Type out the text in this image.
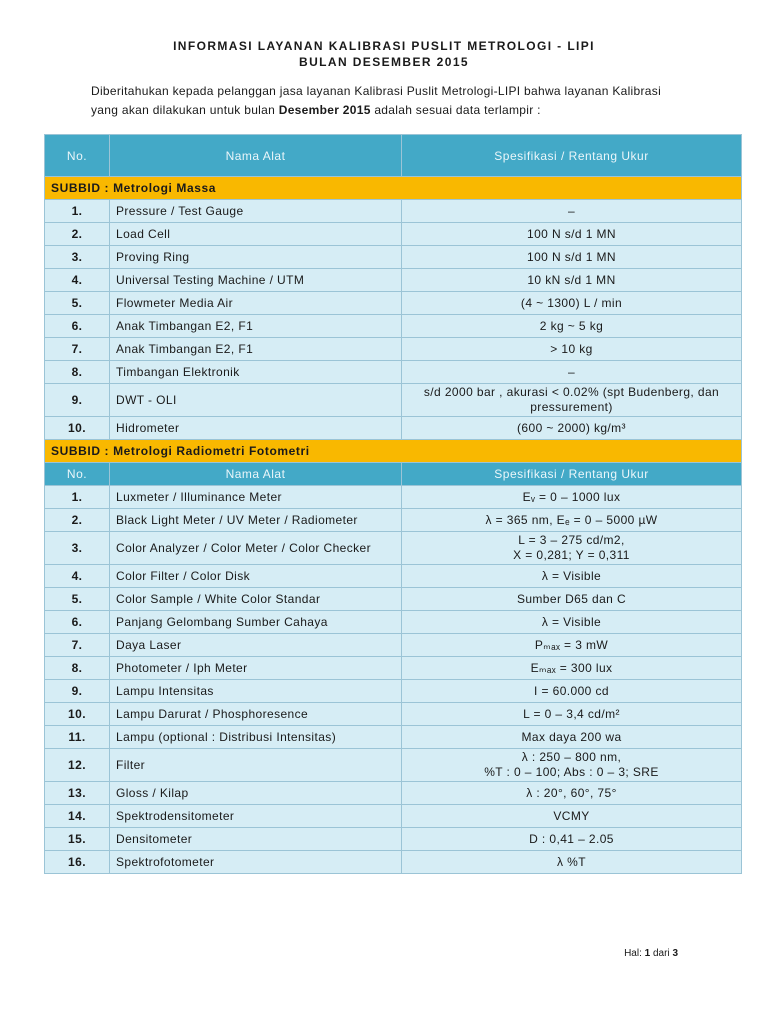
INFORMASI LAYANAN KALIBRASI PUSLIT METROLOGI - LIPI
BULAN DESEMBER 2015
Diberitahukan kepada pelanggan jasa layanan Kalibrasi Puslit Metrologi-LIPI bahwa layanan Kalibrasi yang akan dilakukan untuk bulan Desember 2015 adalah sesuai data terlampir :
No.	Nama Alat	Spesifikasi / Rentang Ukur
SUBBID : Metrologi Massa		
1.	Pressure / Test Gauge	–
2.	Load Cell	100 N s/d 1 MN
3.	Proving Ring	100 N s/d 1 MN
4.	Universal Testing Machine / UTM	10 kN s/d 1 MN
5.	Flowmeter Media Air	(4 ~ 1300) L / min
6.	Anak Timbangan E2, F1	2 kg ~ 5 kg
7.	Anak Timbangan E2, F1	> 10 kg
8.	Timbangan Elektronik	–
9.	DWT - OLI	s/d 2000 bar , akurasi < 0.02% (spt Budenberg, dan pressurement)
10.	Hidrometer	(600 ~ 2000) kg/m³
SUBBID : Metrologi Radiometri Fotometri		
No.	Nama Alat	Spesifikasi / Rentang Ukur
1.	Luxmeter / Illuminance Meter	Eᵥ = 0 – 1000 lux
2.	Black Light Meter / UV Meter / Radiometer	λ = 365 nm, Eₑ = 0 – 5000 µW
3.	Color Analyzer / Color Meter / Color Checker	L = 3 – 275 cd/m2,
X = 0,281; Y = 0,311
4.	Color Filter / Color Disk	λ = Visible
5.	Color Sample / White Color Standar	Sumber D65 dan C
6.	Panjang Gelombang Sumber Cahaya	λ = Visible
7.	Daya Laser	Pₘₐₓ = 3 mW
8.	Photometer / Iph Meter	Eₘₐₓ = 300 lux
9.	Lampu Intensitas	I = 60.000 cd
10.	Lampu Darurat / Phosphoresence	L = 0 – 3,4 cd/m²
11.	Lampu (optional : Distribusi Intensitas)	Max daya 200 wa
12.	Filter	λ : 250 – 800 nm,
%T : 0 – 100; Abs : 0 – 3; SRE
13.	Gloss / Kilap	λ : 20°, 60°, 75°
14.	Spektrodensitometer	VCMY
15.	Densitometer	D : 0,41 – 2.05
16.	Spektrofotometer	λ %T
Hal: 1 dari 3
